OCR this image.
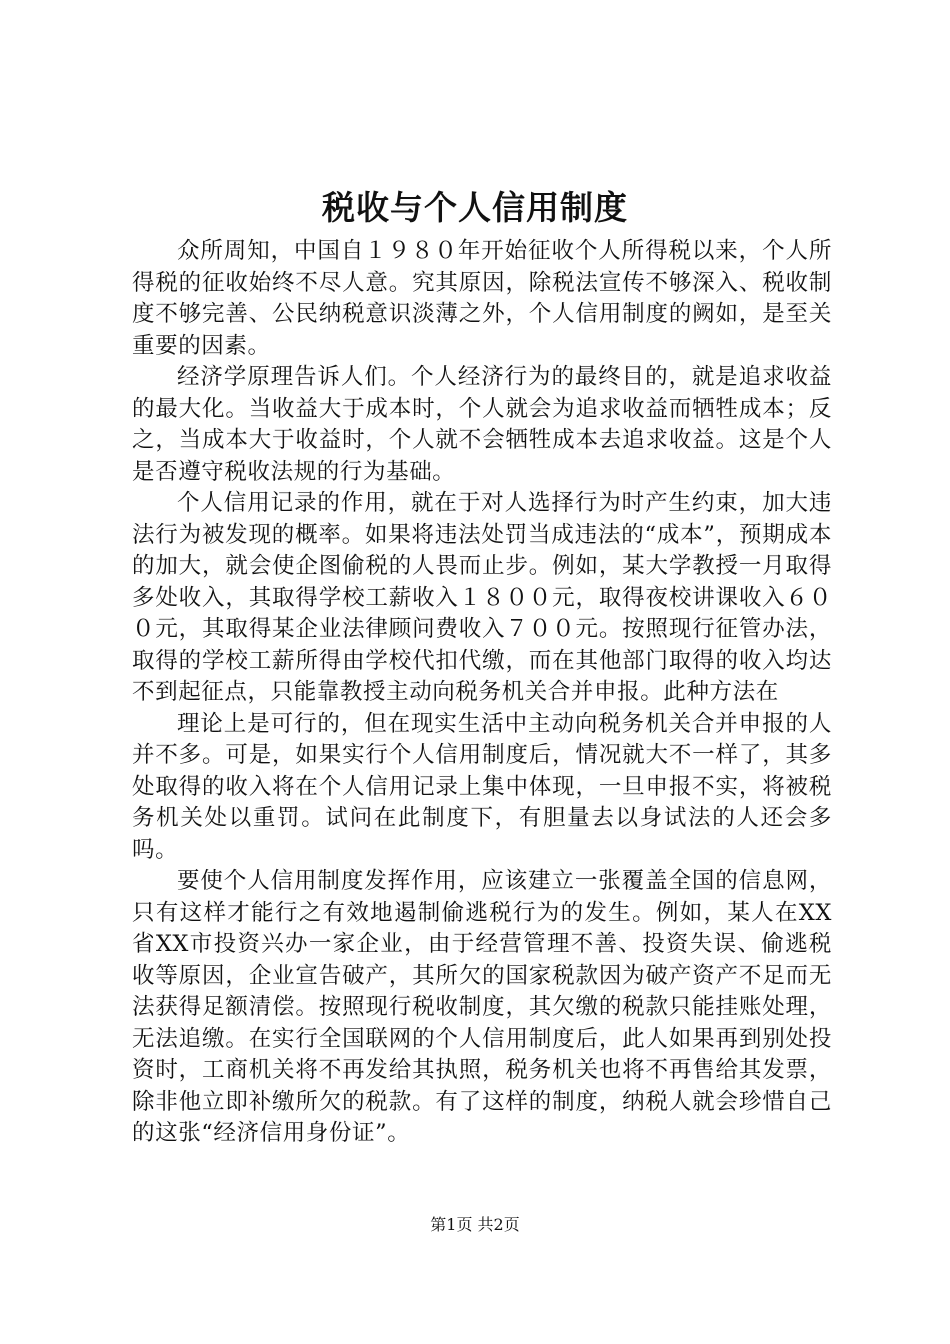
税收与个人信用制度

众所周知，中国自１９８０年开始征收个人所得税以来，个人所得税的征收始终不尽人意。究其原因，除税法宣传不够深入、税收制度不够完善、公民纳税意识淡薄之外，个人信用制度的阙如，是至关重要的因素。

经济学原理告诉人们。个人经济行为的最终目的，就是追求收益的最大化。当收益大于成本时，个人就会为追求收益而牺牲成本；反之，当成本大于收益时，个人就不会牺牲成本去追求收益。这是个人是否遵守税收法规的行为基础。

个人信用记录的作用，就在于对人选择行为时产生约束，加大违法行为被发现的概率。如果将违法处罚当成违法的“成本”，预期成本的加大，就会使企图偷税的人畏而止步。例如，某大学教授一月取得多处收入，其取得学校工薪收入１８００元，取得夜校讲课收入６００元，其取得某企业法律顾问费收入７００元。按照现行征管办法，取得的学校工薪所得由学校代扣代缴，而在其他部门取得的收入均达不到起征点，只能靠教授主动向税务机关合并申报。此种方法在

理论上是可行的，但在现实生活中主动向税务机关合并申报的人并不多。可是，如果实行个人信用制度后，情况就大不一样了，其多处取得的收入将在个人信用记录上集中体现，一旦申报不实，将被税务机关处以重罚。试问在此制度下，有胆量去以身试法的人还会多吗。

要使个人信用制度发挥作用，应该建立一张覆盖全国的信息网，只有这样才能行之有效地遏制偷逃税行为的发生。例如，某人在XX省XX市投资兴办一家企业，由于经营管理不善、投资失误、偷逃税收等原因，企业宣告破产，其所欠的国家税款因为破产资产不足而无法获得足额清偿。按照现行税收制度，其欠缴的税款只能挂账处理，无法追缴。在实行全国联网的个人信用制度后，此人如果再到别处投资时，工商机关将不再发给其执照，税务机关也将不再售给其发票，除非他立即补缴所欠的税款。有了这样的制度，纳税人就会珍惜自己的这张“经济信用身份证”。

第1页 共2页
